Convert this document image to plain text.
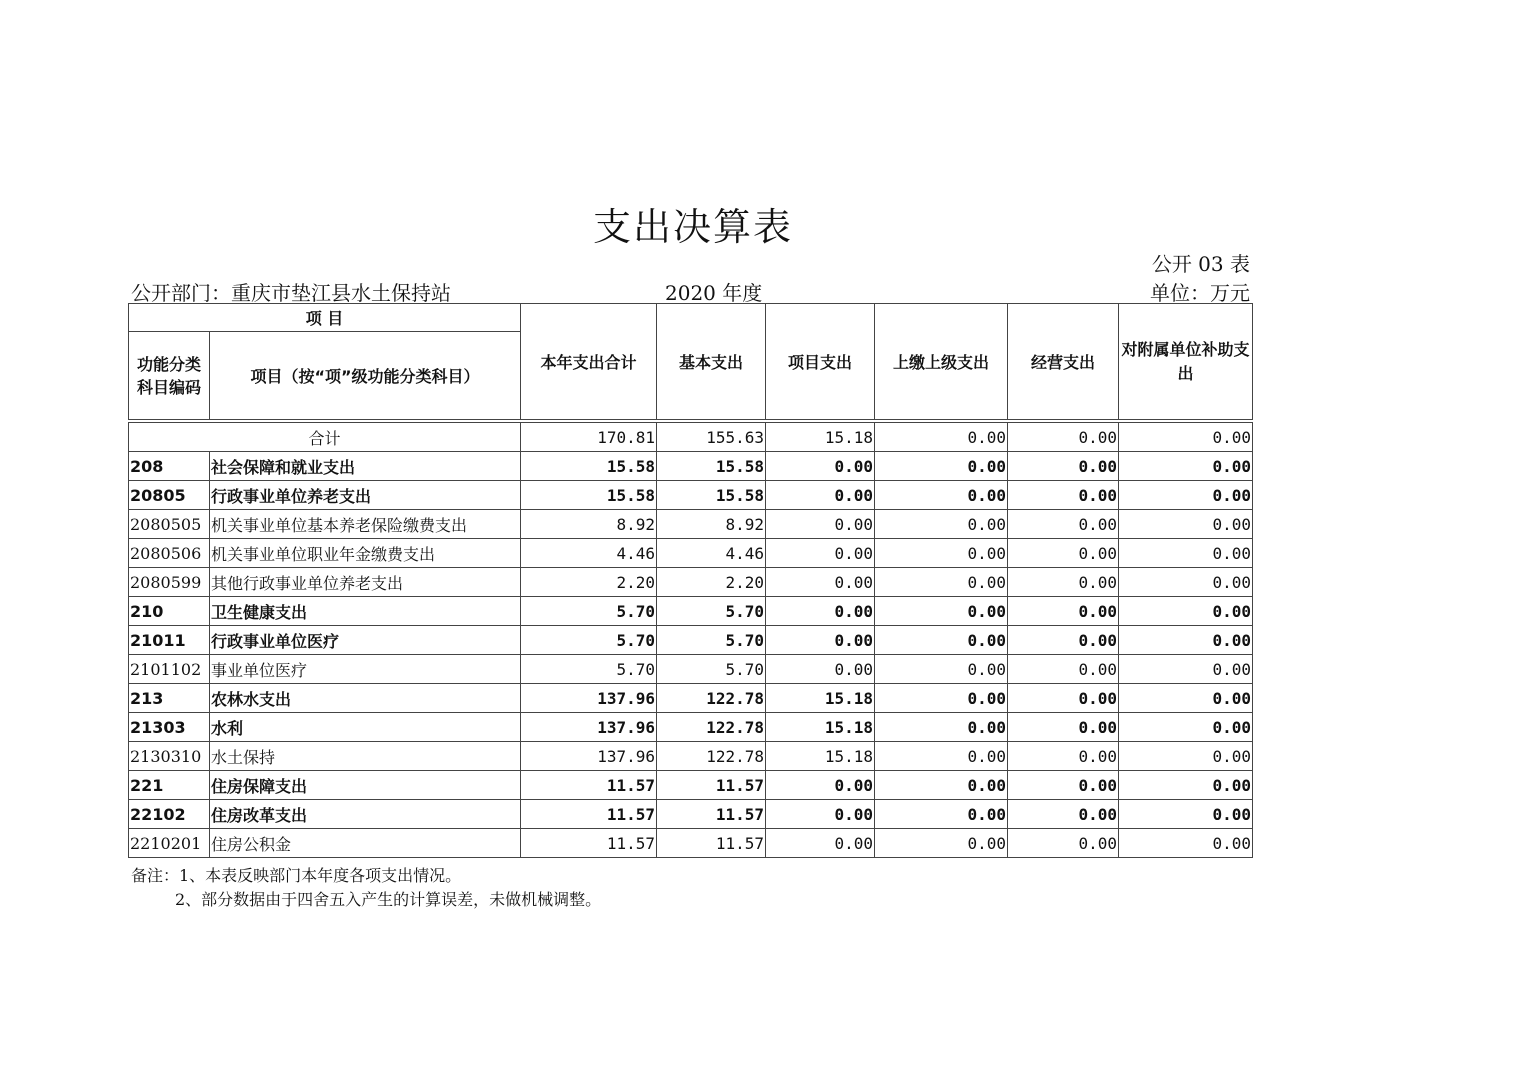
支出决算表
公开 03 表
公开部门：重庆市垫江县水土保持站	2020 年度	单位：万元
项 目		本年支出合计	基本支出	项目支出	上缴上级支出	经营支出	对附属单位补助支出
功能分类科目编码	项目（按“项”级功能分类科目）						

合计		170.81	155.63	15.18	0.00	0.00	0.00
208	社会保障和就业支出	15.58	15.58	0.00	0.00	0.00	0.00
20805	行政事业单位养老支出	15.58	15.58	0.00	0.00	0.00	0.00
2080505	机关事业单位基本养老保险缴费支出	8.92	8.92	0.00	0.00	0.00	0.00
2080506	机关事业单位职业年金缴费支出	4.46	4.46	0.00	0.00	0.00	0.00
2080599	其他行政事业单位养老支出	2.20	2.20	0.00	0.00	0.00	0.00
210	卫生健康支出	5.70	5.70	0.00	0.00	0.00	0.00
21011	行政事业单位医疗	5.70	5.70	0.00	0.00	0.00	0.00
2101102	事业单位医疗	5.70	5.70	0.00	0.00	0.00	0.00
213	农林水支出	137.96	122.78	15.18	0.00	0.00	0.00
21303	水利	137.96	122.78	15.18	0.00	0.00	0.00
2130310	水土保持	137.96	122.78	15.18	0.00	0.00	0.00
221	住房保障支出	11.57	11.57	0.00	0.00	0.00	0.00
22102	住房改革支出	11.57	11.57	0.00	0.00	0.00	0.00
2210201	住房公积金	11.57	11.57	0.00	0.00	0.00	0.00
备注：1、本表反映部门本年度各项支出情况。
2、部分数据由于四舍五入产生的计算误差，未做机械调整。
